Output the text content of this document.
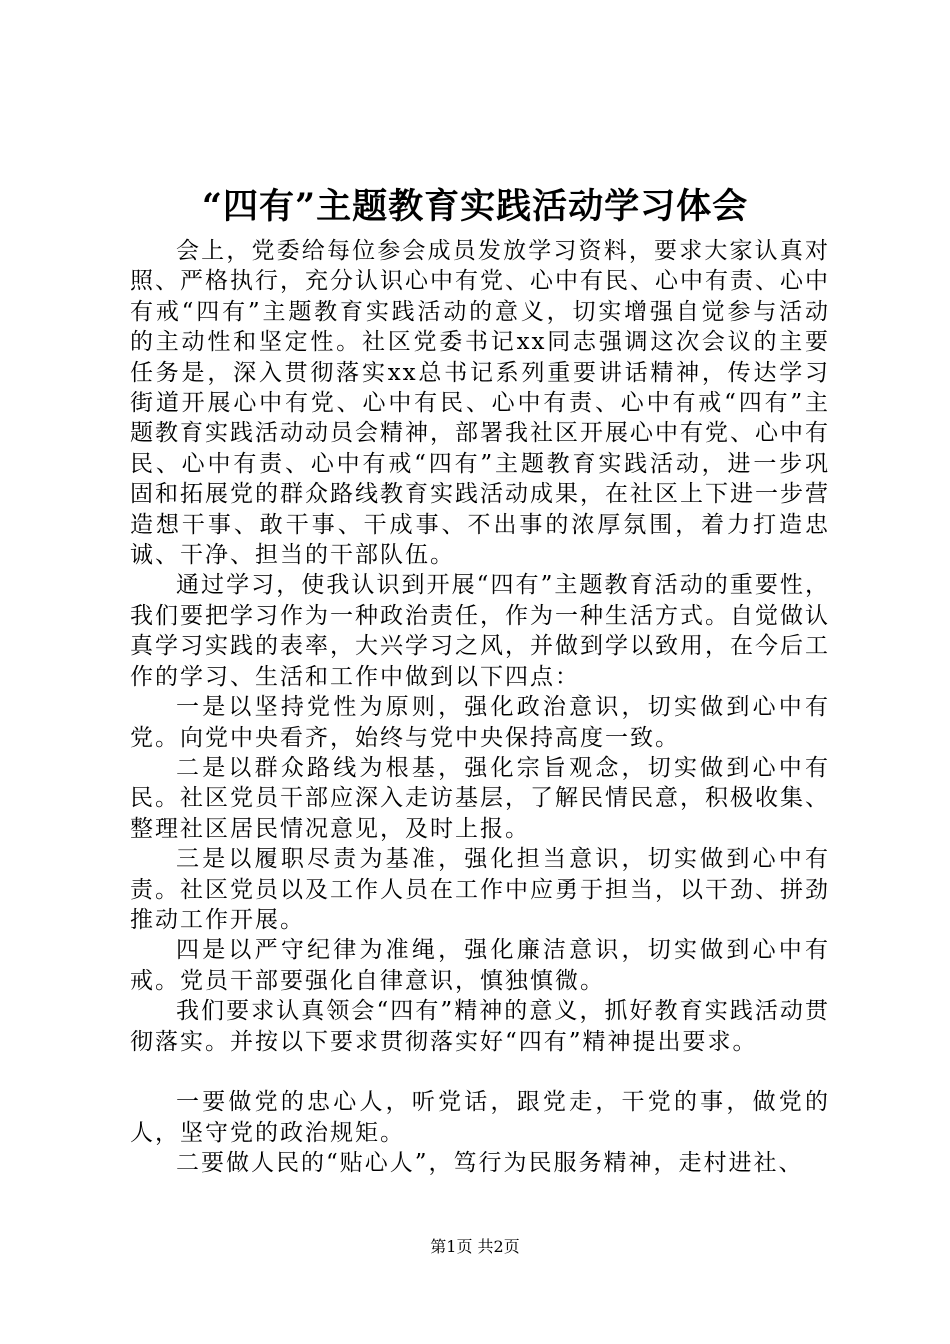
“四有”主题教育实践活动学习体会

会上，党委给每位参会成员发放学习资料，要求大家认真对照、严格执行，充分认识心中有党、心中有民、心中有责、心中有戒“四有”主题教育实践活动的意义，切实增强自觉参与活动的主动性和坚定性。社区党委书记xx同志强调这次会议的主要任务是，深入贯彻落实xx总书记系列重要讲话精神，传达学习街道开展心中有党、心中有民、心中有责、心中有戒“四有”主题教育实践活动动员会精神，部署我社区开展心中有党、心中有民、心中有责、心中有戒“四有”主题教育实践活动，进一步巩固和拓展党的群众路线教育实践活动成果，在社区上下进一步营造想干事、敢干事、干成事、不出事的浓厚氛围，着力打造忠诚、干净、担当的干部队伍。

通过学习，使我认识到开展“四有”主题教育活动的重要性，我们要把学习作为一种政治责任，作为一种生活方式。自觉做认真学习实践的表率，大兴学习之风，并做到学以致用，在今后工作的学习、生活和工作中做到以下四点：

一是以坚持党性为原则，强化政治意识，切实做到心中有党。向党中央看齐，始终与党中央保持高度一致。

二是以群众路线为根基，强化宗旨观念，切实做到心中有民。社区党员干部应深入走访基层，了解民情民意，积极收集、整理社区居民情况意见，及时上报。

三是以履职尽责为基准，强化担当意识，切实做到心中有责。社区党员以及工作人员在工作中应勇于担当，以干劲、拼劲推动工作开展。

四是以严守纪律为准绳，强化廉洁意识，切实做到心中有戒。党员干部要强化自律意识，慎独慎微。

我们要求认真领会“四有”精神的意义，抓好教育实践活动贯彻落实。并按以下要求贯彻落实好“四有”精神提出要求。

一要做党的忠心人，听党话，跟党走，干党的事，做党的人，坚守党的政治规矩。

二要做人民的“贴心人”，笃行为民服务精神，走村进社、

第1页 共2页
